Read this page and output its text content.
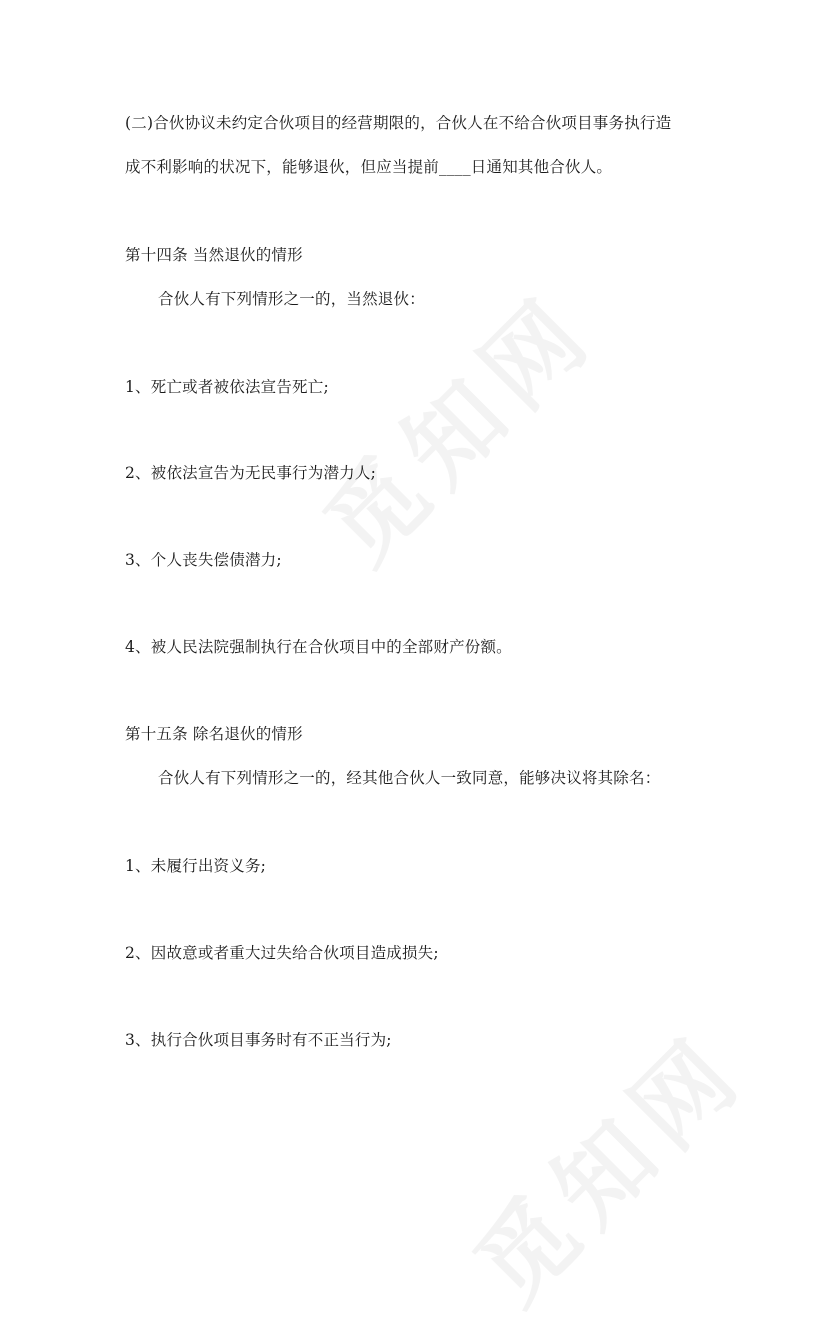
(二)合伙协议未约定合伙项目的经营期限的，合伙人在不给合伙项目事务执行造
成不利影响的状况下，能够退伙，但应当提前____日通知其他合伙人。
第十四条 当然退伙的情形
合伙人有下列情形之一的，当然退伙：
1、死亡或者被依法宣告死亡;
2、被依法宣告为无民事行为潜力人;
3、个人丧失偿债潜力;
4、被人民法院强制执行在合伙项目中的全部财产份额。
第十五条 除名退伙的情形
合伙人有下列情形之一的，经其他合伙人一致同意，能够决议将其除名：
1、未履行出资义务;
2、因故意或者重大过失给合伙项目造成损失;
3、执行合伙项目事务时有不正当行为;
